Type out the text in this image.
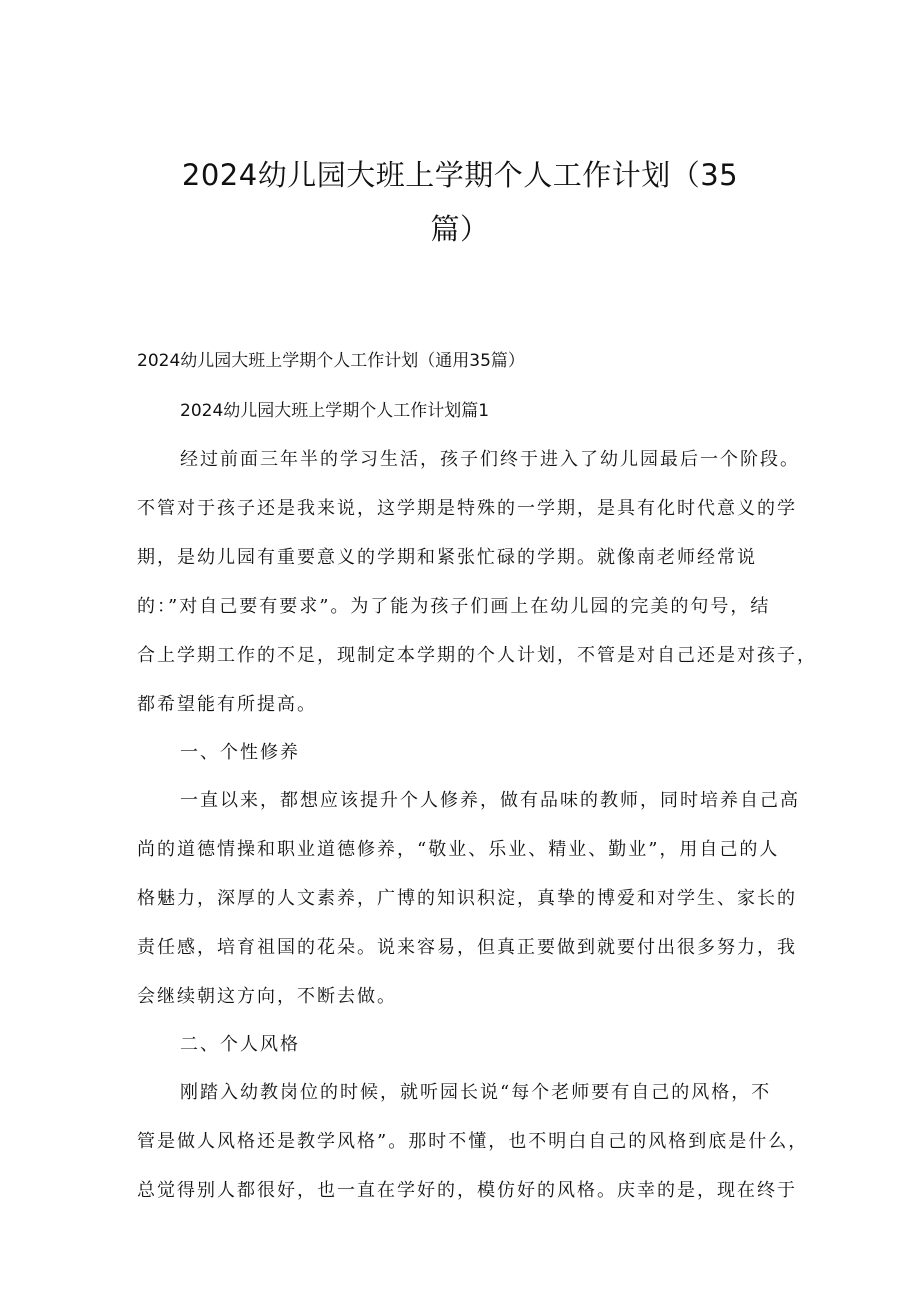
2024幼儿园大班上学期个人工作计划（35
篇）
2024幼儿园大班上学期个人工作计划（通用35篇）
2024幼儿园大班上学期个人工作计划篇1
经过前面三年半的学习生活，孩子们终于进入了幼儿园最后一个阶段。
不管对于孩子还是我来说，这学期是特殊的一学期，是具有化时代意义的学
期，是幼儿园有重要意义的学期和紧张忙碌的学期。就像南老师经常说
的：”对自己要有要求”。为了能为孩子们画上在幼儿园的完美的句号，结
合上学期工作的不足，现制定本学期的个人计划，不管是对自己还是对孩子，
都希望能有所提高。
一、个性修养
一直以来，都想应该提升个人修养，做有品味的教师，同时培养自己高
尚的道德情操和职业道德修养，“敬业、乐业、精业、勤业”，用自己的人
格魅力，深厚的人文素养，广博的知识积淀，真挚的博爱和对学生、家长的
责任感，培育祖国的花朵。说来容易，但真正要做到就要付出很多努力，我
会继续朝这方向，不断去做。
二、个人风格
刚踏入幼教岗位的时候，就听园长说“每个老师要有自己的风格，不
管是做人风格还是教学风格”。那时不懂，也不明白自己的风格到底是什么，
总觉得别人都很好，也一直在学好的，模仿好的风格。庆幸的是，现在终于
